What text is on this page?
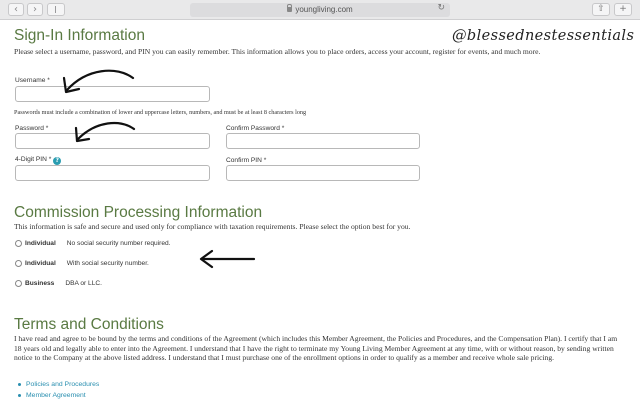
‹	›	youngliving.com	↻	⇧	+
@blessednestessentials
Sign-In Information
Please select a username, password, and PIN you can easily remember. This information allows you to place orders, access your account, register for events, and much more.
Username *
Passwords must include a combination of lower and uppercase letters, numbers, and must be at least 8 characters long
Password *	Confirm Password *
4-Digit PIN * ?	Confirm PIN *
Commission Processing Information
This information is safe and secure and used only for compliance with taxation requirements. Please select the option best for you.
Individual No social security number required.
Individual With social security number.
Business DBA or LLC.
Terms and Conditions
I have read and agree to be bound by the terms and conditions of the Agreement (which includes this Member Agreement, the Policies and Procedures, and the Compensation Plan). I certify that I am 18 years old and legally able to enter into the Agreement. I understand that I have the right to terminate my Young Living Member Agreement at any time, with or without reason, by sending written notice to the Company at the above listed address. I understand that I must purchase one of the enrollment options in order to qualify as a member and receive whole sale pricing.
Policies and Procedures
Member Agreement
